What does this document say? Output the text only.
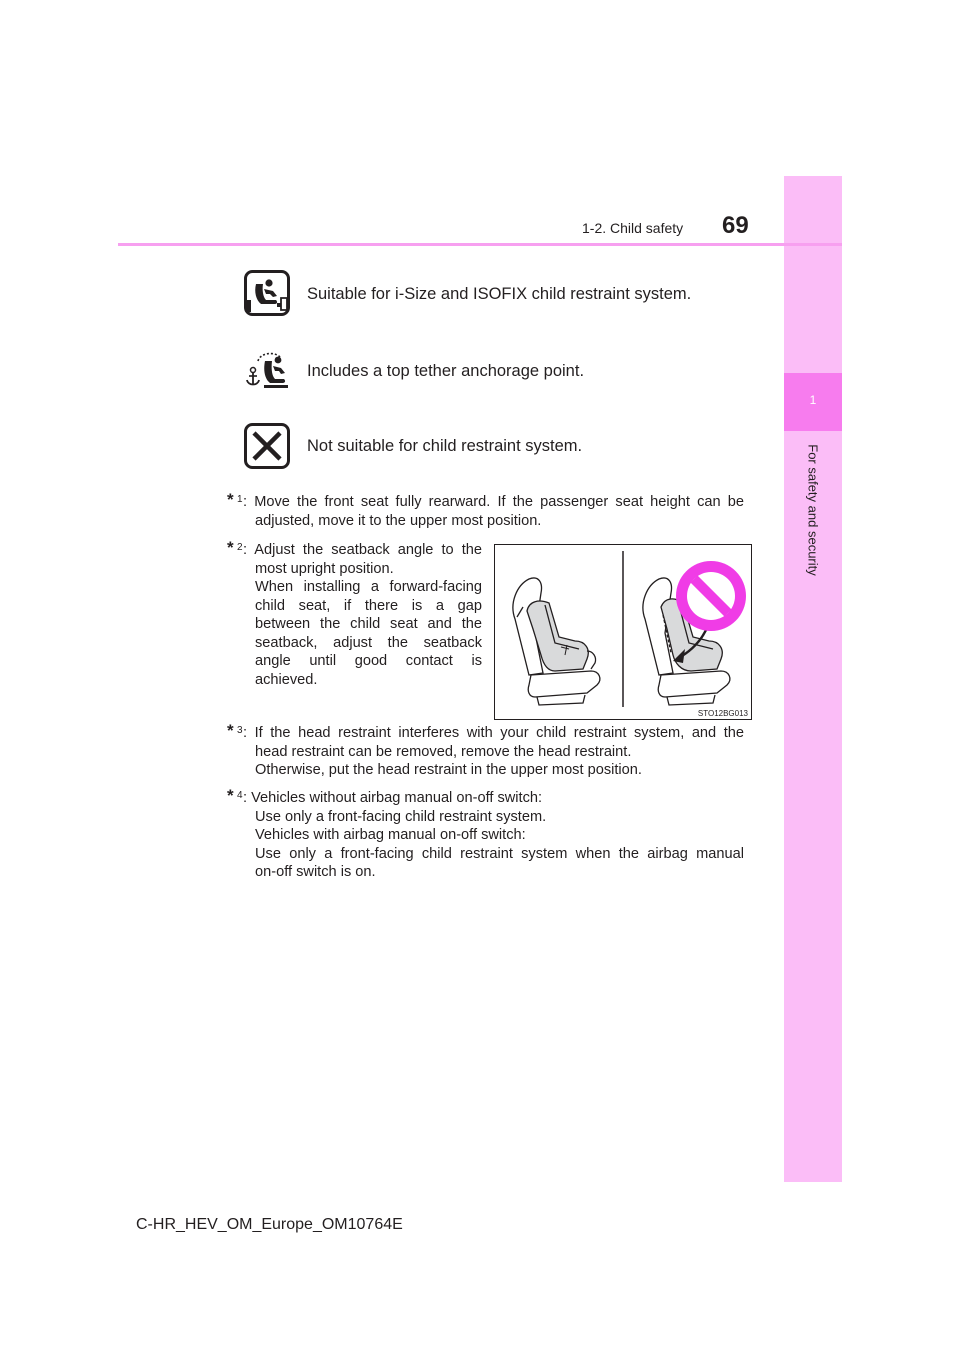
1
For safety and security
1-2. Child safety 69
Suitable for i-Size and ISOFIX child restraint system.
Includes a top tether anchorage point.
Not suitable for child restraint system.
* 1 : Move the front seat fully rearward. If the passenger seat height can be

adjusted, move it to the upper most position.

* 2 : Adjust the seatback angle to the

most upright position.

When installing a forward-facing

child seat, if there is a gap

between the child seat and the

seatback, adjust the seatback

angle until good contact is

achieved.

STO12BG013
* 3 : If the head restraint interferes with your child restraint system, and the

head restraint can be removed, remove the head restraint.

Otherwise, put the head restraint in the upper most position.

* 4 : Vehicles without airbag manual on-off switch:

Use only a front-facing child restraint system.

Vehicles with airbag manual on-off switch:

Use only a front-facing child restraint system when the airbag manual

on-off switch is on.

C-HR_HEV_OM_Europe_OM10764E
